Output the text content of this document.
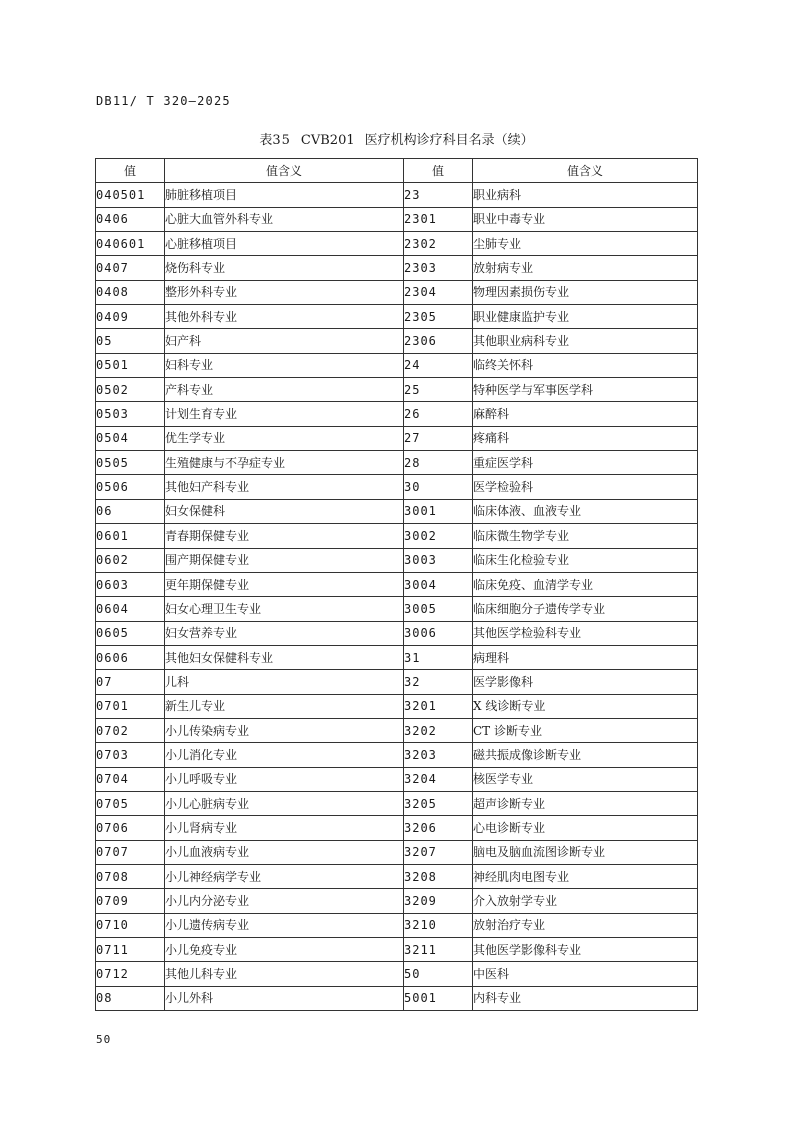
DB11/ T 320—2025
表35 CVB201 医疗机构诊疗科目名录（续）
值	值含义	值	值含义
040501	肺脏移植项目	23	职业病科
0406	心脏大血管外科专业	2301	职业中毒专业
040601	心脏移植项目	2302	尘肺专业
0407	烧伤科专业	2303	放射病专业
0408	整形外科专业	2304	物理因素损伤专业
0409	其他外科专业	2305	职业健康监护专业
05	妇产科	2306	其他职业病科专业
0501	妇科专业	24	临终关怀科
0502	产科专业	25	特种医学与军事医学科
0503	计划生育专业	26	麻醉科
0504	优生学专业	27	疼痛科
0505	生殖健康与不孕症专业	28	重症医学科
0506	其他妇产科专业	30	医学检验科
06	妇女保健科	3001	临床体液、血液专业
0601	青春期保健专业	3002	临床微生物学专业
0602	围产期保健专业	3003	临床生化检验专业
0603	更年期保健专业	3004	临床免疫、血清学专业
0604	妇女心理卫生专业	3005	临床细胞分子遗传学专业
0605	妇女营养专业	3006	其他医学检验科专业
0606	其他妇女保健科专业	31	病理科
07	儿科	32	医学影像科
0701	新生儿专业	3201	X 线诊断专业
0702	小儿传染病专业	3202	CT 诊断专业
0703	小儿消化专业	3203	磁共振成像诊断专业
0704	小儿呼吸专业	3204	核医学专业
0705	小儿心脏病专业	3205	超声诊断专业
0706	小儿肾病专业	3206	心电诊断专业
0707	小儿血液病专业	3207	脑电及脑血流图诊断专业
0708	小儿神经病学专业	3208	神经肌肉电图专业
0709	小儿内分泌专业	3209	介入放射学专业
0710	小儿遗传病专业	3210	放射治疗专业
0711	小儿免疫专业	3211	其他医学影像科专业
0712	其他儿科专业	50	中医科
08	小儿外科	5001	内科专业
50
